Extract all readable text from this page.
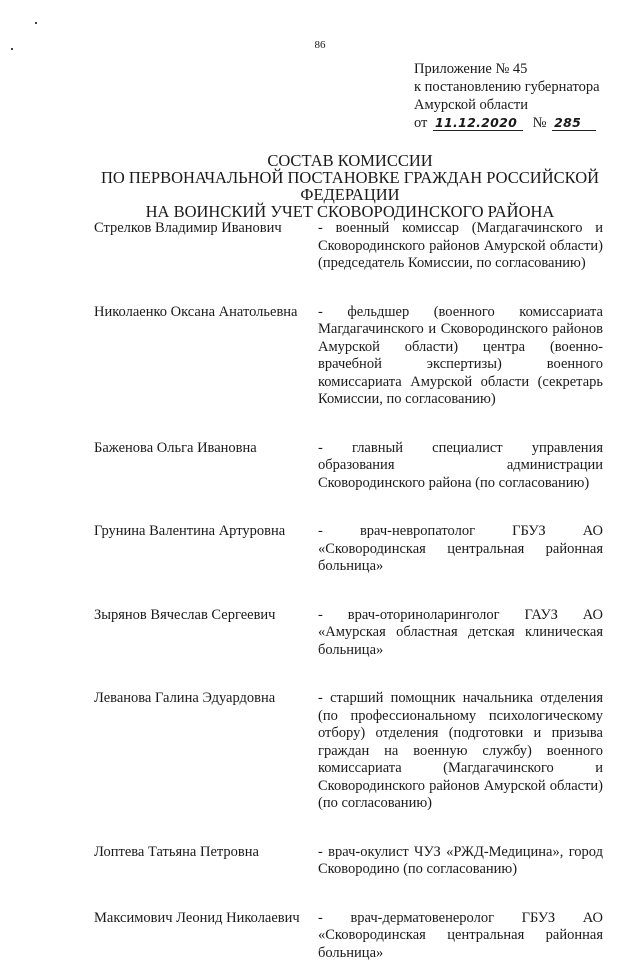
86
Приложение № 45
к постановлению губернатора
Амурской области
от 11.12.2020 № 285
СОСТАВ КОМИССИИ
ПО ПЕРВОНАЧАЛЬНОЙ ПОСТАНОВКЕ ГРАЖДАН РОССИЙСКОЙ ФЕДЕРАЦИИ
НА ВОИНСКИЙ УЧЕТ СКОВОРОДИНСКОГО РАЙОНА
Стрелков Владимир Иванович	- военный комиссар (Магдагачинского и Сковородинского районов Амурской области) (председатель Комиссии, по согласованию)
Николаенко Оксана Анатольевна	- фельдшер (военного комиссариата Магдагачинского и Сковородинского районов Амурской области) центра (военно-врачебной экспертизы) военного комиссариата Амурской области (секретарь Комиссии, по согласованию)
Баженова Ольга Ивановна	- главный специалист управления образования администрации Сковородинского района (по согласованию)
Грунина Валентина Артуровна	- врач-невропатолог ГБУЗ АО «Сковородинская центральная районная больница»
Зырянов Вячеслав Сергеевич	- врач-оториноларинголог ГАУЗ АО «Амурская областная детская клиническая больница»
Леванова Галина Эдуардовна	- старший помощник начальника отделения (по профессиональному психологическому отбору) отделения (подготовки и призыва граждан на военную службу) военного комиссариата (Магдагачинского и Сковородинского районов Амурской области) (по согласованию)
Лоптева Татьяна Петровна	- врач-окулист ЧУЗ «РЖД-Медицина», город Сковородино (по согласованию)
Максимович Леонид Николаевич	- врач-дерматовенеролог ГБУЗ АО «Сковородинская центральная районная больница»
